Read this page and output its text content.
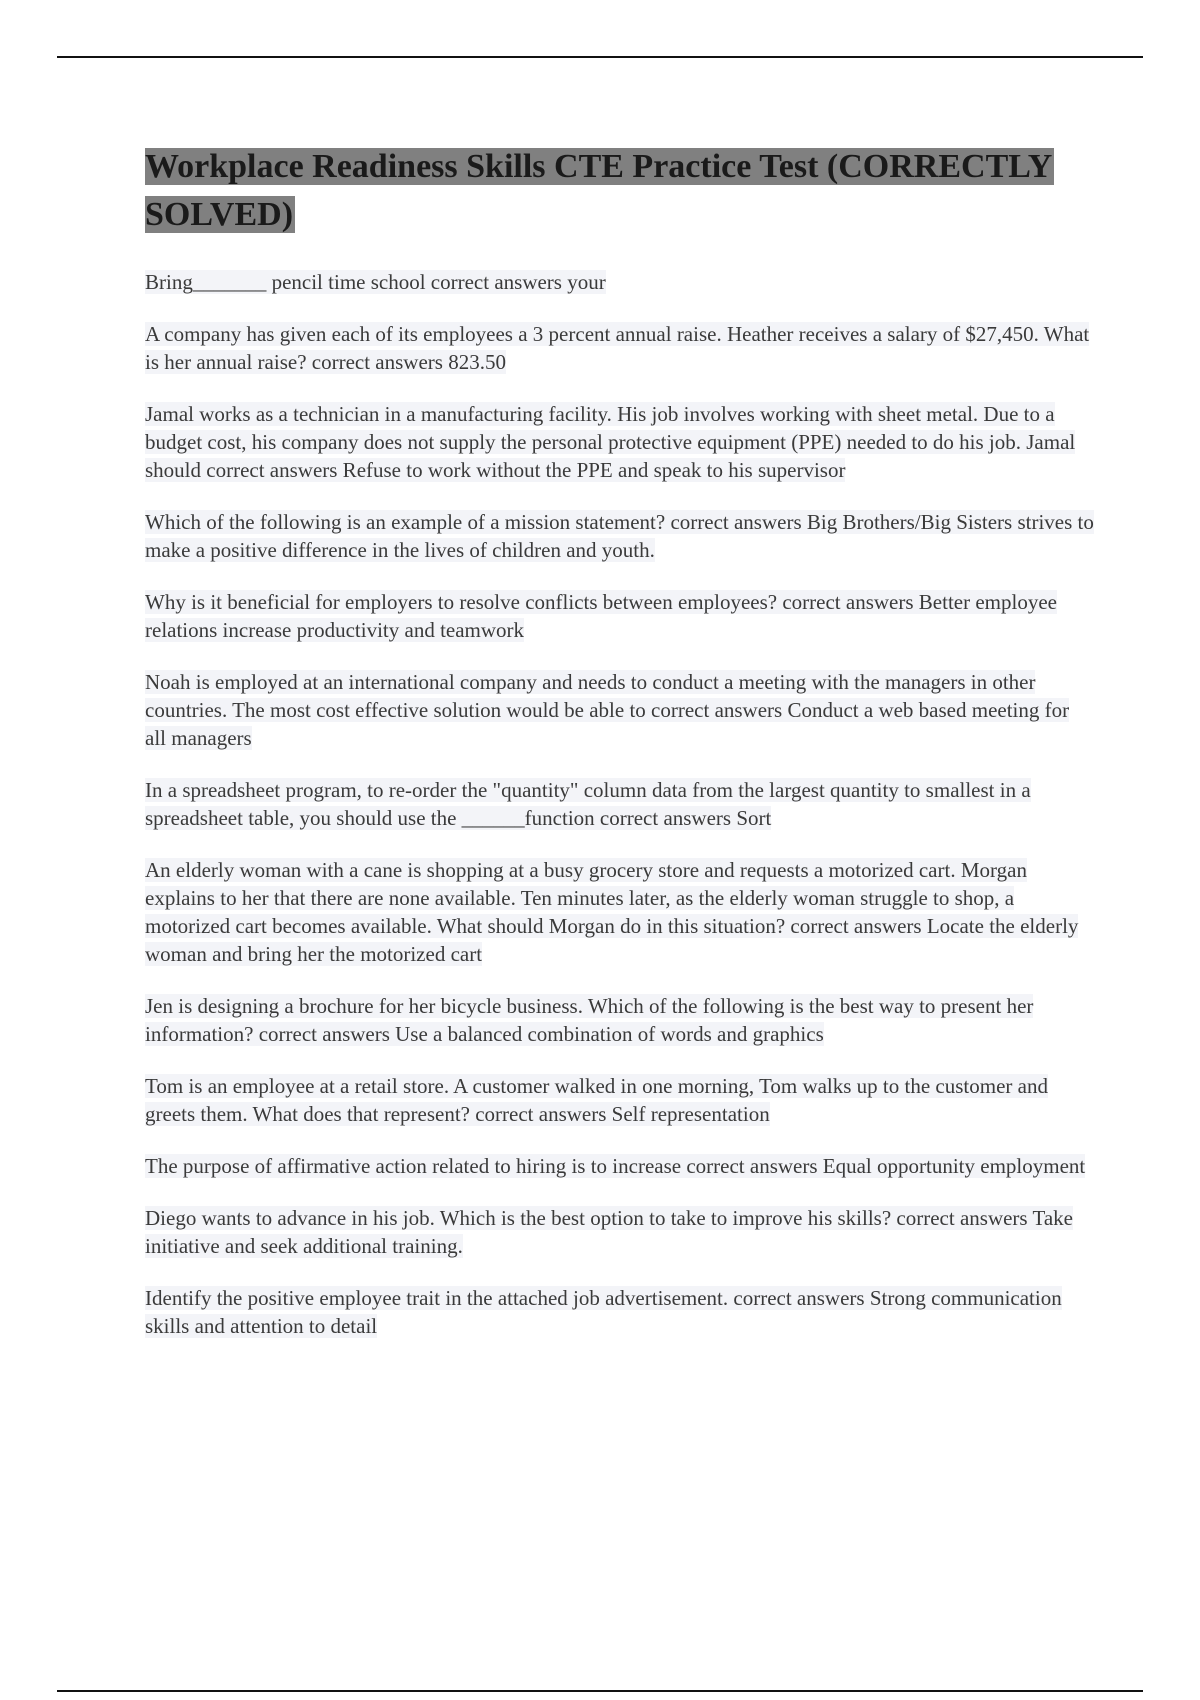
Workplace Readiness Skills CTE Practice Test (CORRECTLY SOLVED)
Bring_______ pencil time school correct answers your
A company has given each of its employees a 3 percent annual raise. Heather receives a salary of $27,450. What is her annual raise? correct answers 823.50
Jamal works as a technician in a manufacturing facility. His job involves working with sheet metal. Due to a budget cost, his company does not supply the personal protective equipment (PPE) needed to do his job. Jamal should correct answers Refuse to work without the PPE and speak to his supervisor
Which of the following is an example of a mission statement? correct answers Big Brothers/Big Sisters strives to make a positive difference in the lives of children and youth.
Why is it beneficial for employers to resolve conflicts between employees? correct answers Better employee relations increase productivity and teamwork
Noah is employed at an international company and needs to conduct a meeting with the managers in other countries. The most cost effective solution would be able to correct answers Conduct a web based meeting for all managers
In a spreadsheet program, to re-order the "quantity" column data from the largest quantity to smallest in a spreadsheet table, you should use the ______function correct answers Sort
An elderly woman with a cane is shopping at a busy grocery store and requests a motorized cart. Morgan explains to her that there are none available. Ten minutes later, as the elderly woman struggle to shop, a motorized cart becomes available. What should Morgan do in this situation? correct answers Locate the elderly woman and bring her the motorized cart
Jen is designing a brochure for her bicycle business. Which of the following is the best way to present her information? correct answers Use a balanced combination of words and graphics
Tom is an employee at a retail store. A customer walked in one morning, Tom walks up to the customer and greets them. What does that represent? correct answers Self representation
The purpose of affirmative action related to hiring is to increase correct answers Equal opportunity employment
Diego wants to advance in his job. Which is the best option to take to improve his skills? correct answers Take initiative and seek additional training.
Identify the positive employee trait in the attached job advertisement. correct answers Strong communication skills and attention to detail
